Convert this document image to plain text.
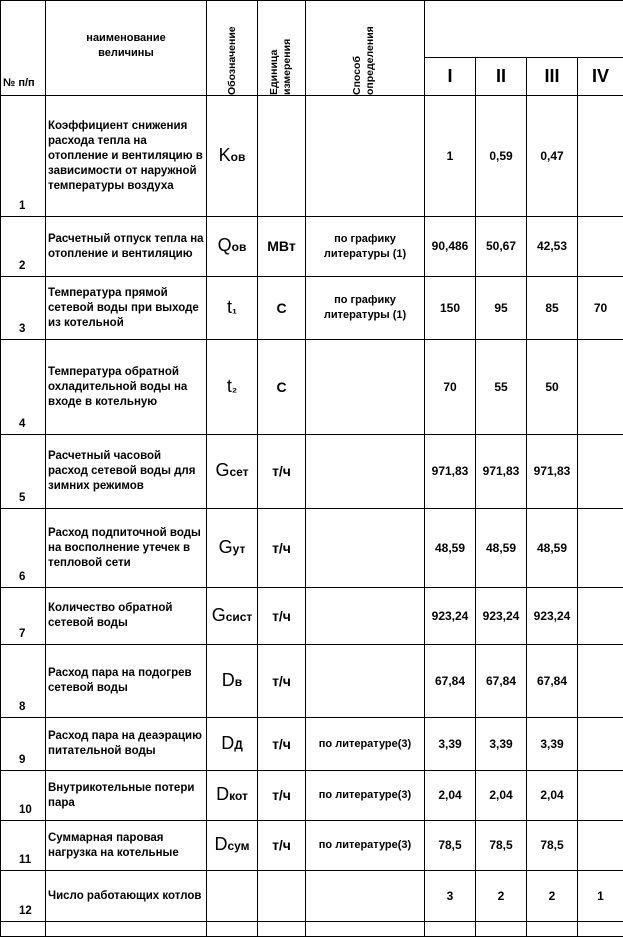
№ п/п	наименование величины	Обозначение	Единица измерения	Способ определения				

					I	II	III	IV
1	Коэффициент снижения расхода тепла на отопление и вентиляцию в зависимости от наружной температуры воздуха	Kов			1	0,59	0,47	
2	Расчетный отпуск тепла на отопление и вентиляцию	Qов	МВт	по графику литературы (1)	90,486	50,67	42,53	
3	Температура прямой сетевой воды при выходе из котельной	t₁	С	по графику литературы (1)	150	95	85	70
4	Температура обратной охладительной воды на входе в котельную	t₂	С		70	55	50	
5	Расчетный часовой расход сетевой воды для зимних режимов	Gсет	т/ч		971,83	971,83	971,83	
6	Расход подпиточной воды на восполнение утечек в тепловой сети	Gут	т/ч		48,59	48,59	48,59	
7	Количество обратной сетевой воды	Gсист	т/ч		923,24	923,24	923,24	
8	Расход пара на подогрев сетевой воды	Dв	т/ч		67,84	67,84	67,84	
9	Расход пара на деаэрацию питательной воды	DД	т/ч	по литературе(3)	3,39	3,39	3,39	
10	Внутрикотельные потери пара	Dкот	т/ч	по литературе(3)	2,04	2,04	2,04	
11	Суммарная паровая нагрузка на котельные	Dсум	т/ч	по литературе(3)	78,5	78,5	78,5	
12	Число работающих котлов				3	2	2	1
